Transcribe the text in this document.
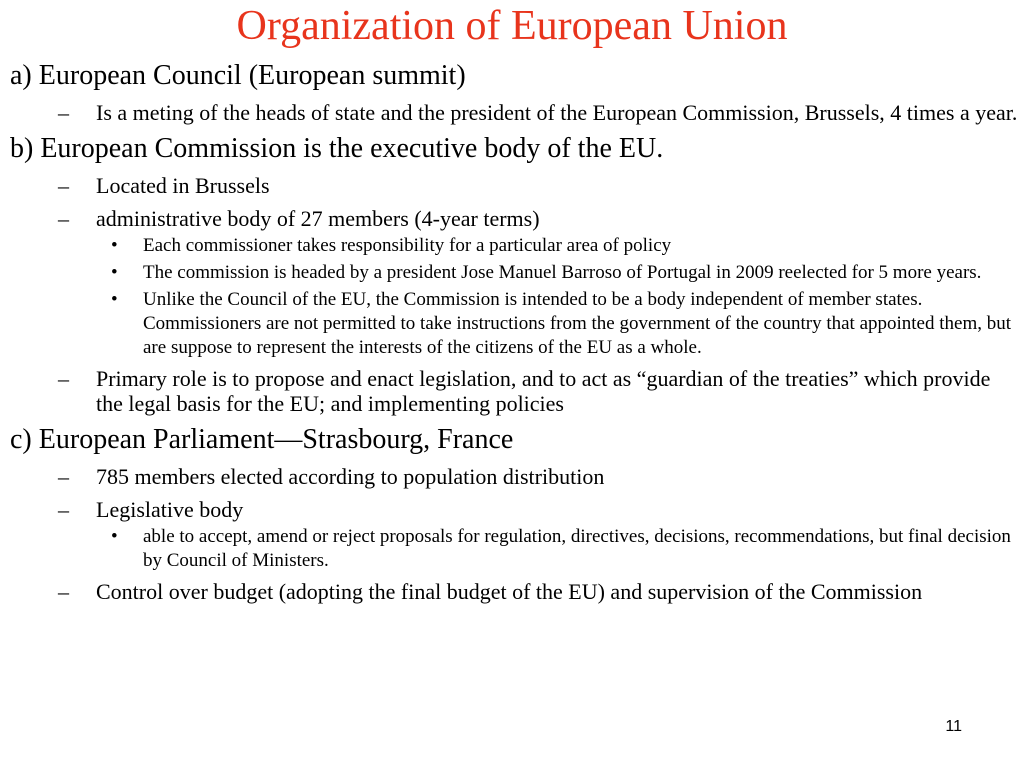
Organization of European Union
a) European Council (European summit)
–	Is a meting of the heads of state and the president of the European Commission, Brussels, 4 times a year.
b) European Commission is the executive body of the EU.
–	Located in Brussels
–	administrative body of 27 members (4-year terms)
•	Each commissioner takes responsibility for a particular area of policy
•	The commission is headed by a president Jose Manuel Barroso of Portugal in 2009 reelected for 5 more years.
•	Unlike the Council of the EU, the Commission is intended to be a body independent of member states. Commissioners are not permitted to take instructions from the government of the country that appointed them, but are suppose to represent the interests of the citizens of the EU as a whole.
–	Primary role is to propose and enact legislation, and to act as “guardian of the treaties” which provide the legal basis for the EU; and implementing policies
c) European Parliament—Strasbourg, France
–	785 members elected according to population distribution
–	Legislative body
•	able to accept, amend or reject proposals for regulation, directives, decisions, recommendations, but final decision by Council of Ministers.
–	Control over budget (adopting the final budget of the EU) and supervision of the Commission
11
